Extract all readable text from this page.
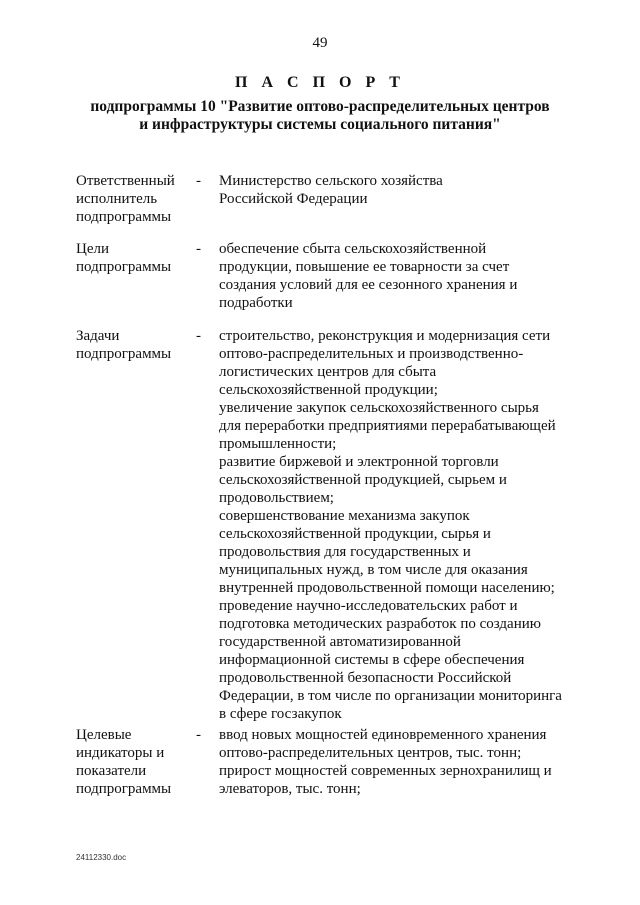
49
П А С П О Р Т
подпрограммы 10 "Развитие оптово-распределительных центров
и инфраструктуры системы социального питания"
Ответственный
исполнитель
подпрограммы
- Министерство сельского хозяйства
Российской Федерации
Цели
подпрограммы
- обеспечение сбыта сельскохозяйственной
продукции, повышение ее товарности за счет
создания условий для ее сезонного хранения и
подработки
Задачи
подпрограммы
- строительство, реконструкция и модернизация сети
оптово-распределительных и производственно-
логистических центров для сбыта
сельскохозяйственной продукции;
увеличение закупок сельскохозяйственного сырья
для переработки предприятиями перерабатывающей
промышленности;
развитие биржевой и электронной торговли
сельскохозяйственной продукцией, сырьем и
продовольствием;
совершенствование механизма закупок
сельскохозяйственной продукции, сырья и
продовольствия для государственных и
муниципальных нужд, в том числе для оказания
внутренней продовольственной помощи населению;
проведение научно-исследовательских работ и
подготовка методических разработок по созданию
государственной автоматизированной
информационной системы в сфере обеспечения
продовольственной безопасности Российской
Федерации, в том числе по организации мониторинга
в сфере госзакупок
Целевые
индикаторы и
показатели
подпрограммы
- ввод новых мощностей единовременного хранения
оптово-распределительных центров, тыс. тонн;
прирост мощностей современных зернохранилищ и
элеваторов, тыс. тонн;
24112330.doc
